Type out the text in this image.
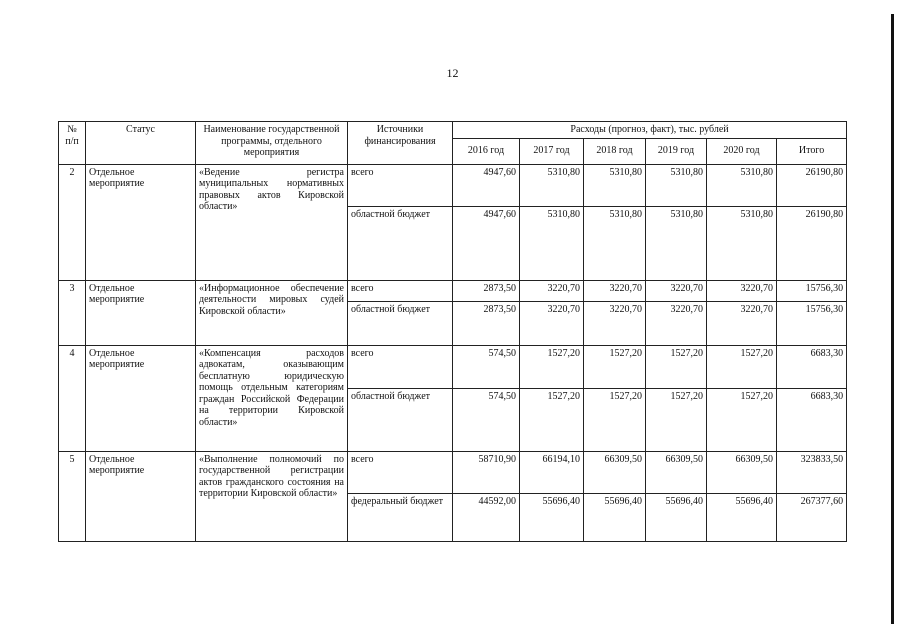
12
№ п/п	Статус	Наименование государственной программы, отдельного мероприятия	Источники финансирования	Расходы (прогноз, факт), тыс. рублей					
				2016 год	2017 год	2018 год	2019 год	2020 год	Итого
2	Отдельное мероприятие	«Ведение регистра муниципальных нормативных правовых актов Кировской области»	всего	4947,60	5310,80	5310,80	5310,80	5310,80	26190,80
			областной бюджет	4947,60	5310,80	5310,80	5310,80	5310,80	26190,80
3	Отдельное мероприятие	«Информационное обеспечение деятельности мировых судей Кировской области»	всего	2873,50	3220,70	3220,70	3220,70	3220,70	15756,30
			областной бюджет	2873,50	3220,70	3220,70	3220,70	3220,70	15756,30
4	Отдельное мероприятие	«Компенсация расходов адвокатам, оказывающим бесплатную юридическую помощь отдельным категориям граждан Российской Федерации на территории Кировской области»	всего	574,50	1527,20	1527,20	1527,20	1527,20	6683,30
			областной бюджет	574,50	1527,20	1527,20	1527,20	1527,20	6683,30
5	Отдельное мероприятие	«Выполнение полномочий по государственной регистрации актов гражданского состояния на территории Кировской области»	всего	58710,90	66194,10	66309,50	66309,50	66309,50	323833,50
			федеральный бюджет	44592,00	55696,40	55696,40	55696,40	55696,40	267377,60
